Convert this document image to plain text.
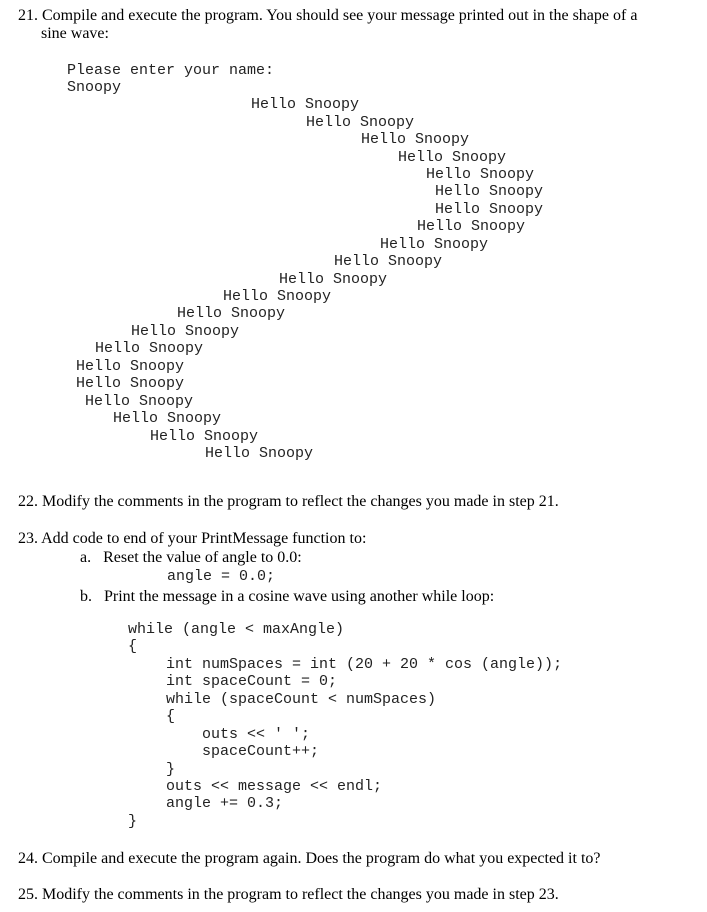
21. Compile and execute the program. You should see your message printed out in the shape of a
sine wave:
Please enter your name:
Snoopy
Hello Snoopy
Hello Snoopy
Hello Snoopy
Hello Snoopy
Hello Snoopy
Hello Snoopy
Hello Snoopy
Hello Snoopy
Hello Snoopy
Hello Snoopy
Hello Snoopy
Hello Snoopy
Hello Snoopy
Hello Snoopy
Hello Snoopy
Hello Snoopy
Hello Snoopy
Hello Snoopy
Hello Snoopy
Hello Snoopy
Hello Snoopy
22. Modify the comments in the program to reflect the changes you made in step 21.
23. Add code to end of your PrintMessage function to:
a.   Reset the value of angle to 0.0:
angle = 0.0;
b.   Print the message in a cosine wave using another while loop:
while (angle < maxAngle)
{
int numSpaces = int (20 + 20 * cos (angle));
int spaceCount = 0;
while (spaceCount < numSpaces)
{
outs << ' ';
spaceCount++;
}
outs << message << endl;
angle += 0.3;
}
24. Compile and execute the program again. Does the program do what you expected it to?
25. Modify the comments in the program to reflect the changes you made in step 23.
